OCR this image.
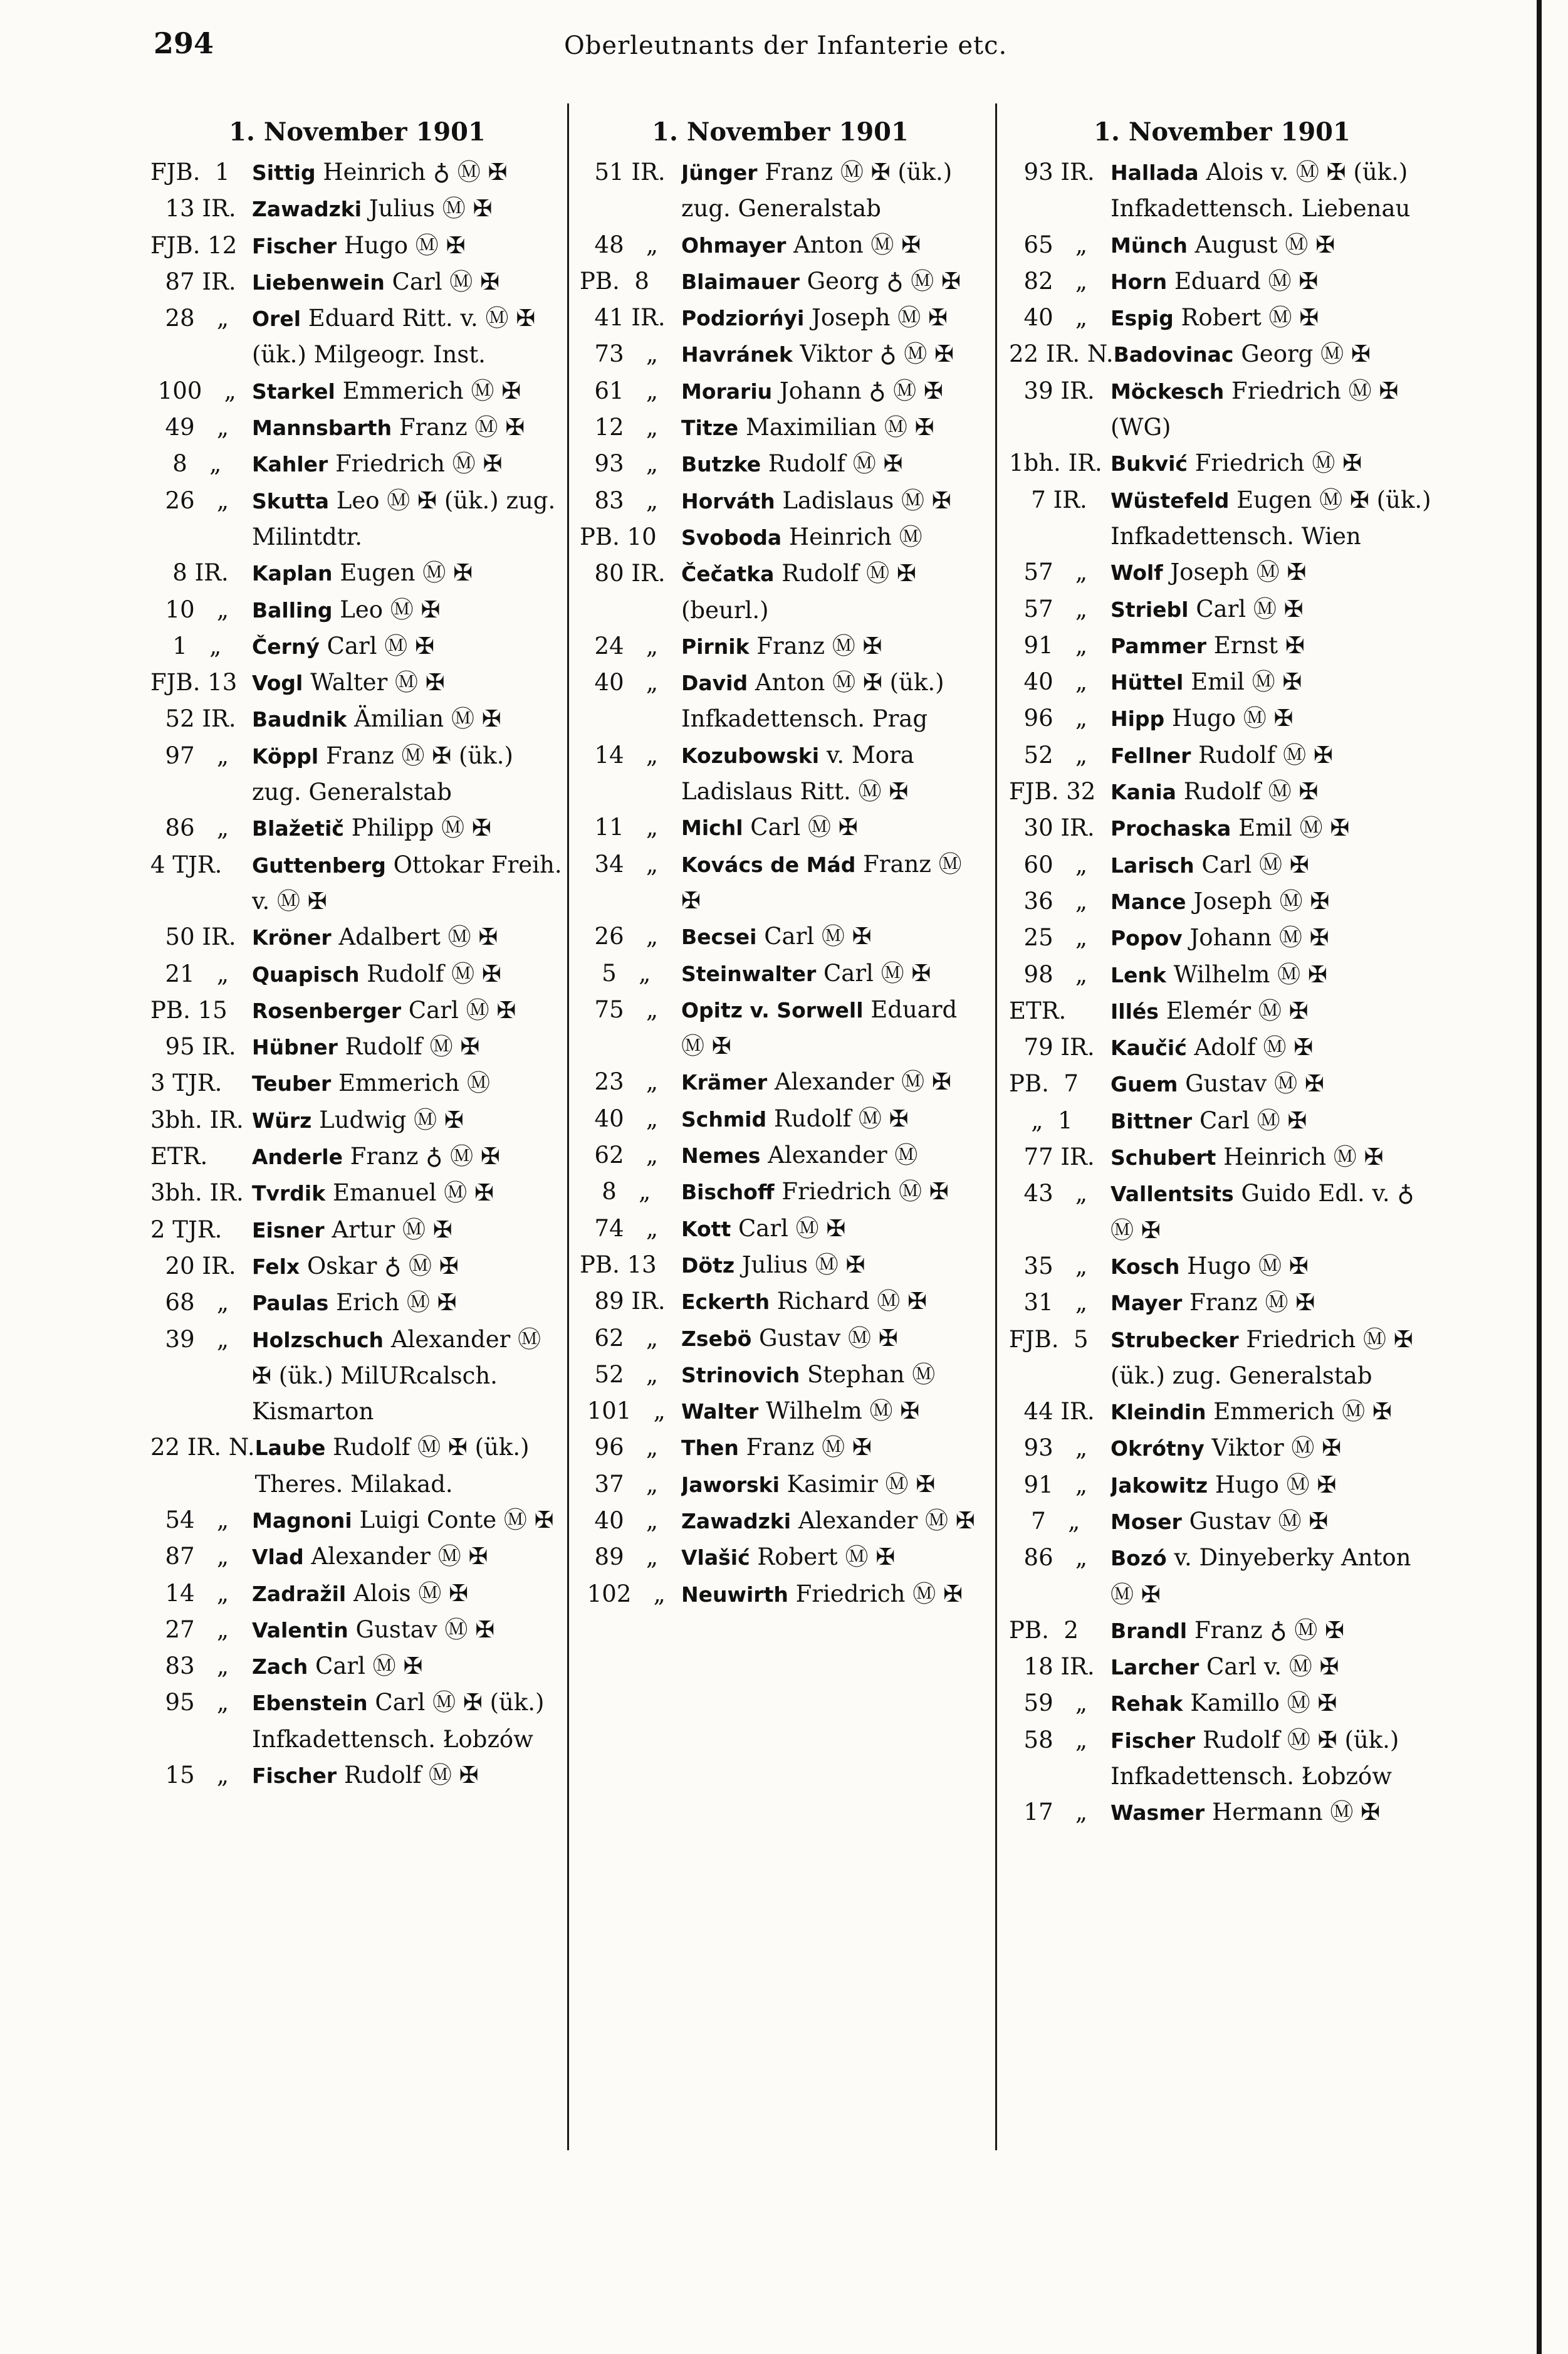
294	Oberleutnants der Infanterie etc.
1. November 1901
FJB.  1	Sittig Heinrich ♁ Ⓜ ✠
13 IR. Zawadzki Julius Ⓜ ✠
FJB. 12 Fischer Hugo Ⓜ ✠
87 IR. Liebenwein Carl Ⓜ ✠
28   „	Orel Eduard Ritt. v. Ⓜ ✠ (ük.) Milgeogr. Inst.
100   „ Starkel Emmerich Ⓜ ✠
49   „	Mannsbarth Franz Ⓜ ✠
8   „	Kahler Friedrich Ⓜ ✠
26   „	Skutta Leo Ⓜ ✠ (ük.) zug. Milintdtr.
8 IR.	Kaplan Eugen Ⓜ ✠
10   „	Balling Leo Ⓜ ✠
1   „	Černý Carl Ⓜ ✠
FJB. 13 Vogl Walter Ⓜ ✠
52 IR. Baudnik Ämilian Ⓜ ✠
97   „	Köppl Franz Ⓜ ✠ (ük.) zug. Generalstab
86   „	Blažetič Philipp Ⓜ ✠
4 TJR.	Guttenberg Ottokar Freih. v. Ⓜ ✠
50 IR. Kröner Adalbert Ⓜ ✠
21   „	Quapisch Rudolf Ⓜ ✠
PB. 15	Rosenberger Carl Ⓜ ✠
95 IR. Hübner Rudolf Ⓜ ✠
3 TJR.	Teuber Emmerich Ⓜ
3bh. IR. Würz Ludwig Ⓜ ✠
ETR.	Anderle Franz ♁ Ⓜ ✠
3bh. IR. Tvrdik Emanuel Ⓜ ✠
2 TJR.	Eisner Artur Ⓜ ✠
20 IR. Felx Oskar ♁ Ⓜ ✠
68   „	Paulas Erich Ⓜ ✠
39   „	Holzschuch Alexander Ⓜ ✠ (ük.) MilURcalsch. Kismarton
22 IR. N. Laube Rudolf Ⓜ ✠ (ük.) Theres. Milakad.
54   „	Magnoni Luigi Conte Ⓜ ✠
87   „	Vlad Alexander Ⓜ ✠
14   „	Zadražil Alois Ⓜ ✠
27   „	Valentin Gustav Ⓜ ✠
83   „	Zach Carl Ⓜ ✠
95   „	Ebenstein Carl Ⓜ ✠ (ük.) Infkadettensch. Łobzów
15   „	Fischer Rudolf Ⓜ ✠
1. November 1901
51 IR. Jünger Franz Ⓜ ✠ (ük.) zug. Generalstab
48   „	Ohmayer Anton Ⓜ ✠
PB.  8	Blaimauer Georg ♁ Ⓜ ✠
41 IR. Podziorńyi Joseph Ⓜ ✠
73   „	Havránek Viktor ♁ Ⓜ ✠
61   „	Morariu Johann ♁ Ⓜ ✠
12   „	Titze Maximilian Ⓜ ✠
93   „	Butzke Rudolf Ⓜ ✠
83   „	Horváth Ladislaus Ⓜ ✠
PB. 10	Svoboda Heinrich Ⓜ
80 IR. Čečatka Rudolf Ⓜ ✠ (beurl.)
24   „	Pirnik Franz Ⓜ ✠
40   „	David Anton Ⓜ ✠ (ük.) Infkadettensch. Prag
14   „	Kozubowski v. Mora Ladislaus Ritt. Ⓜ ✠
11   „	Michl Carl Ⓜ ✠
34   „	Kovács de Mád Franz Ⓜ ✠
26   „	Becsei Carl Ⓜ ✠
5   „	Steinwalter Carl Ⓜ ✠
75   „	Opitz v. Sorwell Eduard Ⓜ ✠
23   „	Krämer Alexander Ⓜ ✠
40   „	Schmid Rudolf Ⓜ ✠
62   „	Nemes Alexander Ⓜ
8   „	Bischoff Friedrich Ⓜ ✠
74   „	Kott Carl Ⓜ ✠
PB. 13	Dötz Julius Ⓜ ✠
89 IR. Eckerth Richard Ⓜ ✠
62   „	Zsebö Gustav Ⓜ ✠
52   „	Strinovich Stephan Ⓜ
101   „ Walter Wilhelm Ⓜ ✠
96   „	Then Franz Ⓜ ✠
37   „	Jaworski Kasimir Ⓜ ✠
40   „	Zawadzki Alexander Ⓜ ✠
89   „	Vlašić Robert Ⓜ ✠
102   „ Neuwirth Friedrich Ⓜ ✠
1. November 1901
93 IR. Hallada Alois v. Ⓜ ✠ (ük.) Infkadettensch. Liebenau
65   „	Münch August Ⓜ ✠
82   „	Horn Eduard Ⓜ ✠
40   „	Espig Robert Ⓜ ✠
22 IR. N. Badovinac Georg Ⓜ ✠
39 IR. Möckesch Friedrich Ⓜ ✠ (WG)
1bh. IR. Bukvić Friedrich Ⓜ ✠
7 IR.	Wüstefeld Eugen Ⓜ ✠ (ük.) Infkadettensch. Wien
57   „	Wolf Joseph Ⓜ ✠
57   „	Striebl Carl Ⓜ ✠
91   „	Pammer Ernst ✠
40   „	Hüttel Emil Ⓜ ✠
96   „	Hipp Hugo Ⓜ ✠
52   „	Fellner Rudolf Ⓜ ✠
FJB. 32 Kania Rudolf Ⓜ ✠
30 IR. Prochaska Emil Ⓜ ✠
60   „	Larisch Carl Ⓜ ✠
36   „	Mance Joseph Ⓜ ✠
25   „	Popov Johann Ⓜ ✠
98   „	Lenk Wilhelm Ⓜ ✠
ETR.	Illés Elemér Ⓜ ✠
79 IR. Kaučić Adolf Ⓜ ✠
PB.  7	Guem Gustav Ⓜ ✠
„  1	Bittner Carl Ⓜ ✠
77 IR. Schubert Heinrich Ⓜ ✠
43   „	Vallentsits Guido Edl. v. ♁ Ⓜ ✠
35   „	Kosch Hugo Ⓜ ✠
31   „	Mayer Franz Ⓜ ✠
FJB.  5	Strubecker Friedrich Ⓜ ✠ (ük.) zug. Generalstab
44 IR. Kleindin Emmerich Ⓜ ✠
93   „	Okrótny Viktor Ⓜ ✠
91   „	Jakowitz Hugo Ⓜ ✠
7   „	Moser Gustav Ⓜ ✠
86   „	Bozó v. Dinyeberky Anton Ⓜ ✠
PB.  2	Brandl Franz ♁ Ⓜ ✠
18 IR. Larcher Carl v. Ⓜ ✠
59   „	Rehak Kamillo Ⓜ ✠
58   „	Fischer Rudolf Ⓜ ✠ (ük.) Infkadettensch. Łobzów
17   „	Wasmer Hermann Ⓜ ✠
